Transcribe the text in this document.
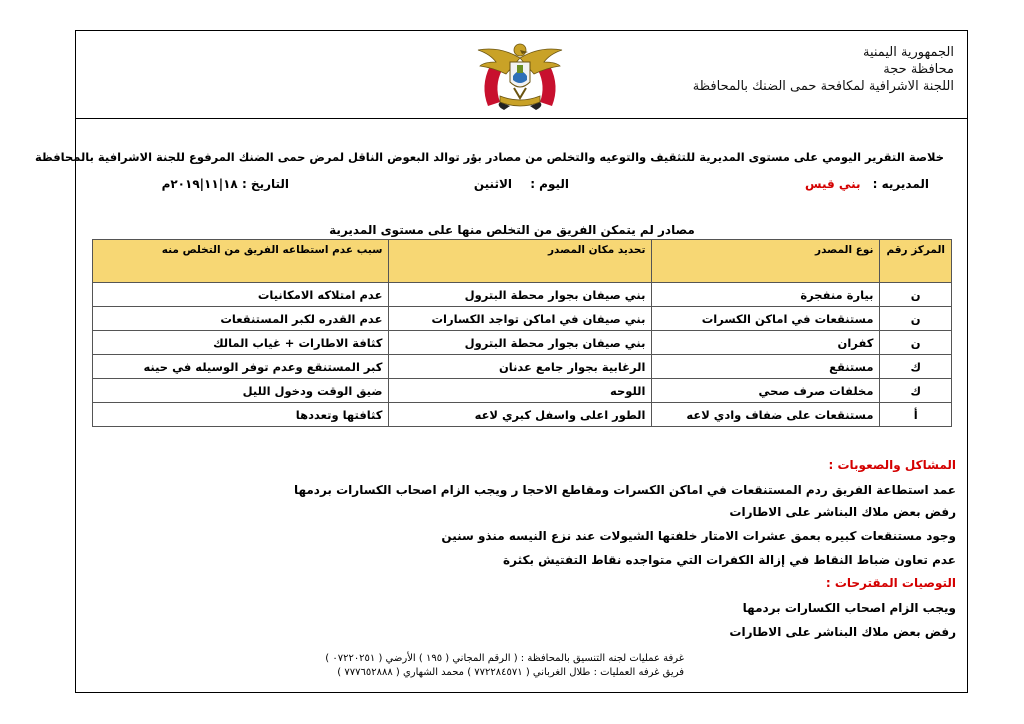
الجمهورية اليمنية
محافظة حجة
اللجنة الاشرافية لمكافحة حمى الضنك بالمحافظة
خلاصة التقرير اليومي على مستوى المديرية للتثقيف والتوعيه والتخلص من مصادر بؤر توالد البعوض الناقل لمرض حمى الضنك المرفوع للجنة الاشرافية بالمحافظة
المديريه : بني قيس
اليوم : الاثنين
التاريخ : ١٨|١١|٢٠١٩م
مصادر لم يتمكن الفريق من التخلص منها على مستوى المديرية
المركز رقم	نوع المصدر	تحديد مكان المصدر	سبب عدم استطاعه الفريق من التخلص منه
ن	بيارة منفجرة	بني صيفان بجوار محطة البترول	عدم امتلاكه الامكانيات
ن	مستنقعات في اماكن الكسرات	بني صيفان في اماكن تواجد الكسارات	عدم القدره لكبر المستنقعات
ن	كفران	بني صيفان بجوار محطة البترول	كثافة الاطارات + غياب المالك
ك	مستنقع	الرغابية بجوار جامع عدنان	كبر المستنقع وعدم توفر الوسيله في حينه
ك	مخلفات صرف صحي	اللوحه	ضيق الوقت ودخول الليل
أ	مستنقعات على ضفاف وادي لاعه	الطور اعلى واسفل كبري لاعه	كثافتها وتعددها
المشاكل والصعوبات :
عمد استطاعة الفريق ردم المستنقعات في اماكن الكسرات ومقاطع الاحجا ر ويجب الزام اصحاب الكسارات بردمها
رفض بعض ملاك البناشر على الاطارات
وجود مستنقعات كبيره بعمق عشرات الامتار خلفتها الشيولات عند نزع النيسه منذو سنين
عدم تعاون ضباط النقاط في إزالة الكفرات التي متواجده نقاط التفتيش بكثرة
التوصيات المقترحات :
ويجب الزام اصحاب الكسارات بردمها
رفض بعض ملاك البناشر على الاطارات
غرفة عمليات لجنه التنسيق بالمحافظة : ( الرقم المجاني ( ١٩٥ ) الأرضي ( ٠٧٢٢٠٢٥١ )
فريق غرفه العمليات : طلال الغرباني ( ٧٧٢٢٨٤٥٧١ ) محمد الشهاري ( ٧٧٧٦٥٢٨٨٨ )
